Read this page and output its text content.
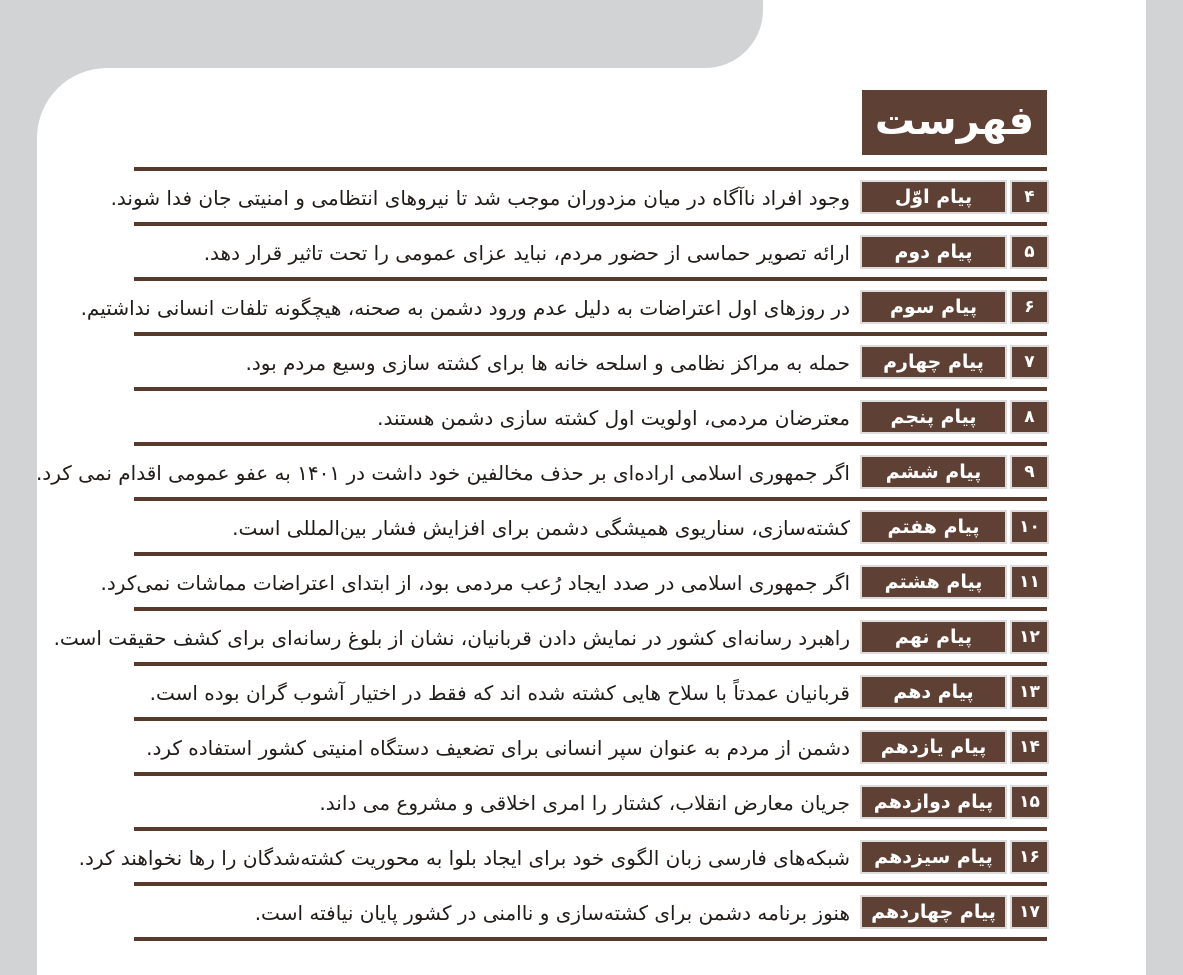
فهرست
۴
پیام اوّل
وجود افراد ناآگاه در میان مزدوران موجب شد تا نیروهای انتظامی و امنیتی جان فدا شوند.
۵
پیام دوم
ارائه تصویر حماسی از حضور مردم، نباید عزای عمومی را تحت تاثیر قرار دهد.
۶
پیام سوم
در روزهای اول اعتراضات به دلیل عدم ورود دشمن به صحنه، هیچگونه تلفات انسانی نداشتیم.
۷
پیام چهارم
حمله به مراکز نظامی و اسلحه خانه ها برای کشته سازی وسیع مردم بود.
۸
پیام پنجم
معترضان مردمی، اولویت اول کشته سازی دشمن هستند.
۹
پیام ششم
اگر جمهوری اسلامی اراده‌ای بر حذف مخالفین خود داشت در ۱۴۰۱ به عفو عمومی اقدام نمی کرد.
۱۰
پیام هفتم
کشته‌سازی، سناریوی همیشگی دشمن برای افزایش فشار بین‌المللی است.
۱۱
پیام هشتم
اگر جمهوری اسلامی در صدد ایجاد رُعب مردمی بود، از ابتدای اعتراضات مماشات نمی‌کرد.
۱۲
پیام نهم
راهبرد رسانه‌ای کشور در نمایش دادن قربانیان، نشان از بلوغ رسانه‌ای برای کشف حقیقت است.
۱۳
پیام دهم
قربانیان عمدتاً با سلاح هایی کشته شده اند که فقط در اختیار آشوب گران بوده است.
۱۴
پیام یازدهم
دشمن از مردم به عنوان سپر انسانی برای تضعیف دستگاه امنیتی کشور استفاده کرد.
۱۵
پیام دوازدهم
جریان معارض انقلاب، کشتار را امری اخلاقی و مشروع می داند.
۱۶
پیام سیزدهم
شبکه‌های فارسی زبان الگوی خود برای ایجاد بلوا به محوریت کشته‌شدگان را رها نخواهند کرد.
۱۷
پیام چهاردهم
هنوز برنامه دشمن برای کشته‌سازی و ناامنی در کشور پایان نیافته است.
